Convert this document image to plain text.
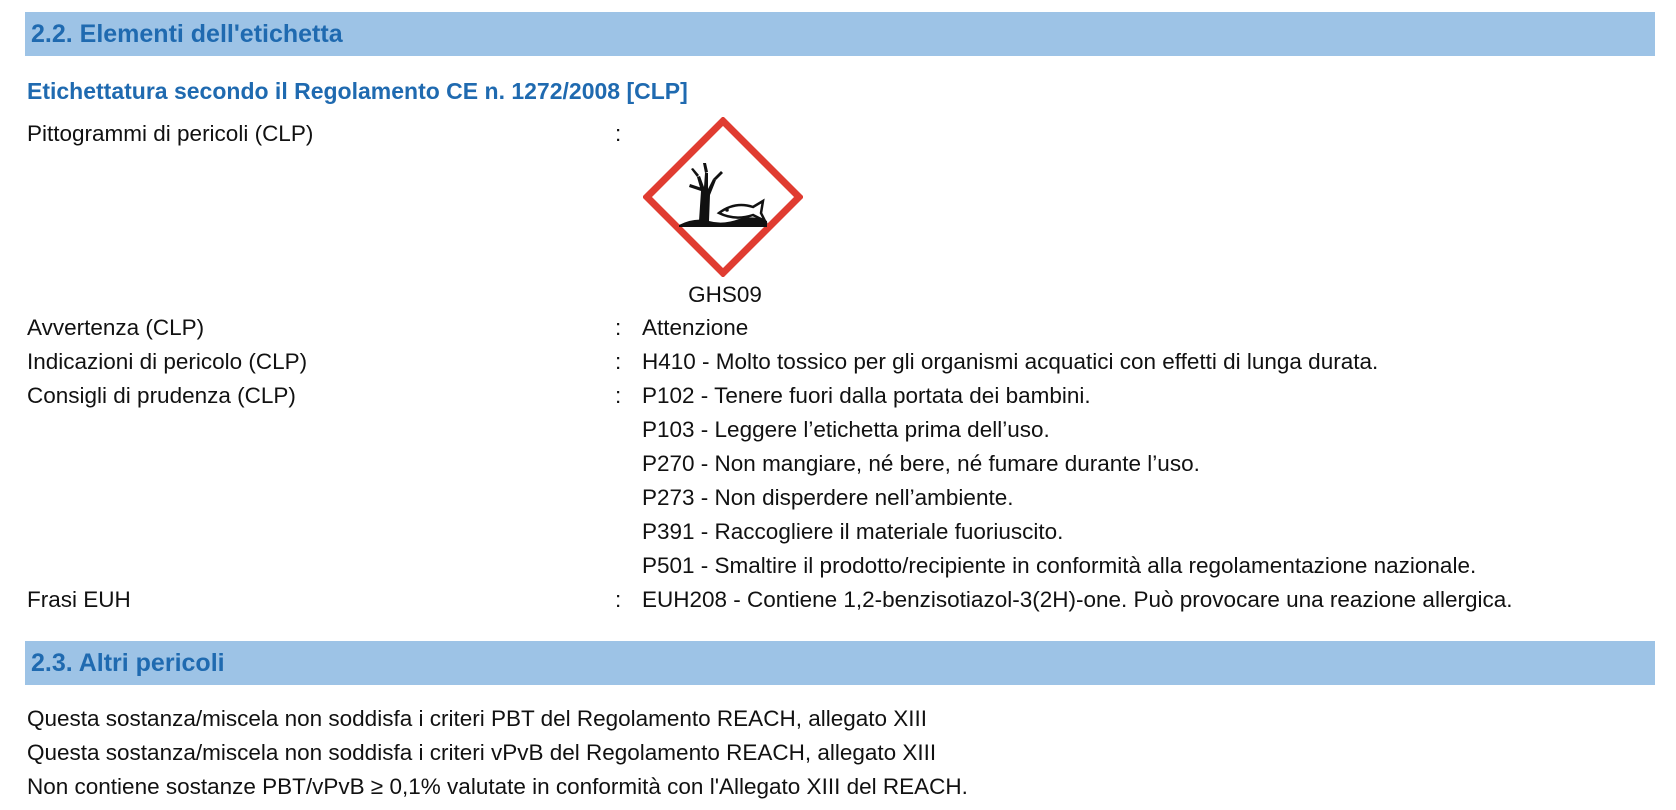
2.2. Elementi dell'etichetta
Etichettatura secondo il Regolamento CE n. 1272/2008 [CLP]
Pittogrammi di pericoli (CLP)	:
GHS09
Avvertenza (CLP)	: Attenzione
Indicazioni di pericolo (CLP)	: H410 - Molto tossico per gli organismi acquatici con effetti di lunga durata.
Consigli di prudenza (CLP)	: P102 - Tenere fuori dalla portata dei bambini.
P103 - Leggere l’etichetta prima dell’uso.
P270 - Non mangiare, né bere, né fumare durante l’uso.
P273 - Non disperdere nell’ambiente.
P391 - Raccogliere il materiale fuoriuscito.
P501 - Smaltire il prodotto/recipiente in conformità alla regolamentazione nazionale.
Frasi EUH	: EUH208 - Contiene 1,2-benzisotiazol-3(2H)-one. Può provocare una reazione allergica.
2.3. Altri pericoli
Questa sostanza/miscela non soddisfa i criteri PBT del Regolamento REACH, allegato XIII
Questa sostanza/miscela non soddisfa i criteri vPvB del Regolamento REACH, allegato XIII
Non contiene sostanze PBT/vPvB ≥ 0,1% valutate in conformità con l'Allegato XIII del REACH.
